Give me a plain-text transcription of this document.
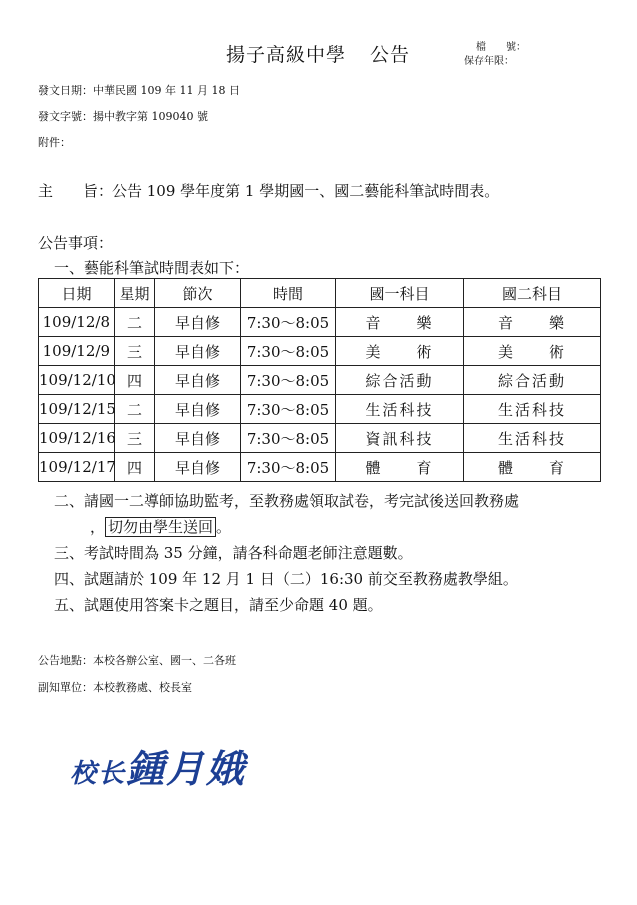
揚子高級中學 公告	檔　　號：
保存年限：
發文日期：中華民國 109 年 11 月 18 日
發文字號：揚中教字第 109040 號
附件：
主　　旨：公告 109 學年度第 1 學期國一、國二藝能科筆試時間表。
公告事項：
一、藝能科筆試時間表如下：
日期	星期	節次	時間	國一科目	國二科目
109/12/8	二	早自修	7:30～8:05	音　　樂	音　　樂
109/12/9	三	早自修	7:30～8:05	美　　術	美　　術
109/12/10	四	早自修	7:30～8:05	綜合活動	綜合活動
109/12/15	二	早自修	7:30～8:05	生活科技	生活科技
109/12/16	三	早自修	7:30～8:05	資訊科技	生活科技
109/12/17	四	早自修	7:30～8:05	體　　育	體　　育
二、請國一二導師協助監考，至教務處領取試卷，考完試後送回教務處
， 切勿由學生送回 。
三、考試時間為 35 分鐘，請各科命題老師注意題數。
四、試題請於 109 年 12 月 1 日（二）16:30 前交至教務處教學組。
五、試題使用答案卡之題目，請至少命題 40 題。
公告地點：本校各辦公室、國一、二各班
副知單位：本校教務處、校長室
校长鍾月娥
